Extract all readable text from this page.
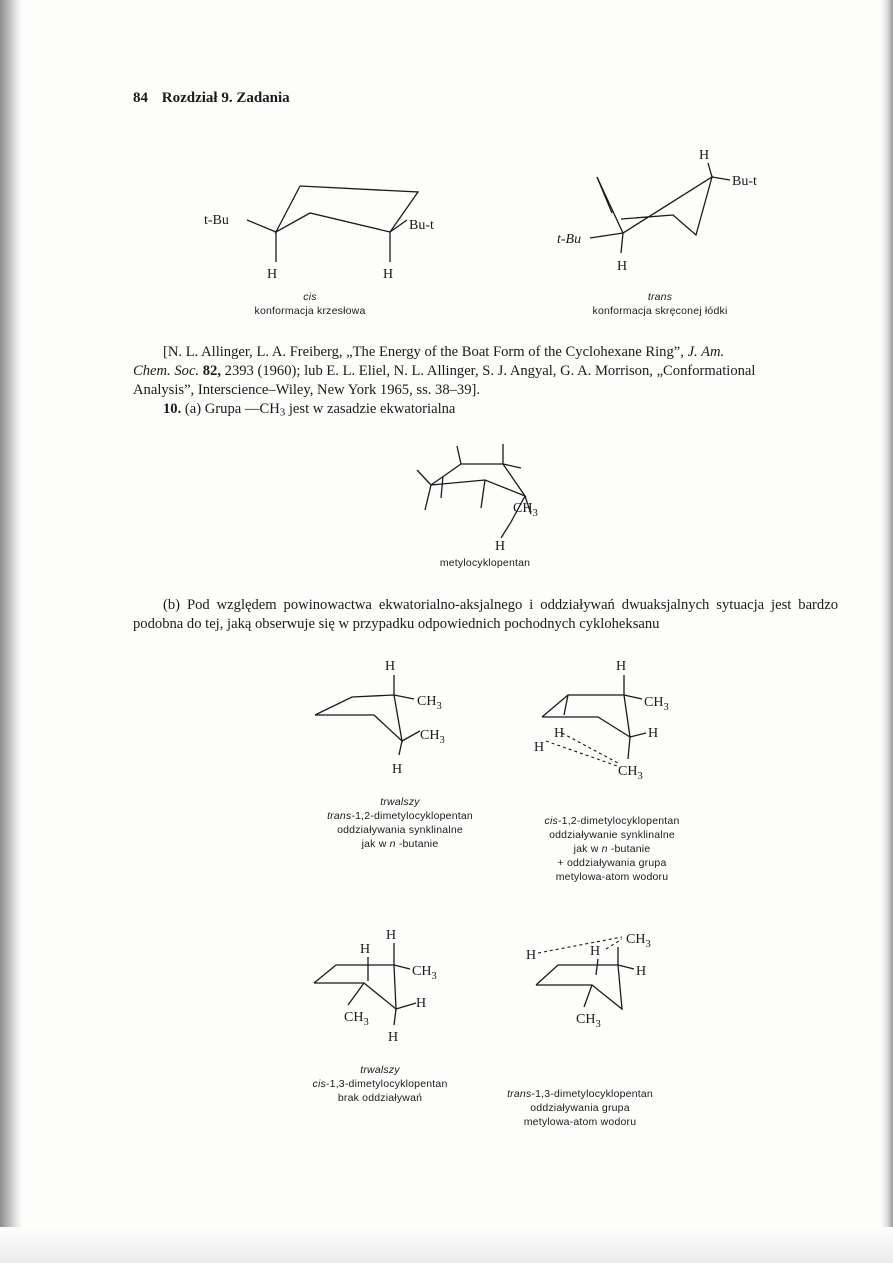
84 Rozdział 9. Zadania
t-Bu	Bu-t
H	H
cis
konformacja krzesłowa
H
Bu-t
t-Bu
H
trans
konformacja skręconej łódki
[N. L. Allinger, L. A. Freiberg, „The Energy of the Boat Form of the Cyclohexane Ring”, J. Am.
Chem. Soc. 82, 2393 (1960); lub E. L. Eliel, N. L. Allinger, S. J. Angyal, G. A. Morrison, „Conformational
Analysis”, Interscience–Wiley, New York 1965, ss. 38–39].
10. (a) Grupa $—CH_3$ jest w zasadzie ekwatorialna
$CH_3$
H
metylocyklopentan
(b) Pod względem powinowactwa ekwatorialno-aksjalnego i oddziaływań dwuaksjalnych sytuacja jest bardzo podobna do tej, jaką obserwuje się w przypadku odpowiednich pochodnych cykloheksanu
H
$CH_3$
$CH_3$
H
trwalszy
trans-1,2-dimetylocyklopentan
oddziaływania synklinalne
jak w n -butanie
H
$CH_3$
H	H
H
$CH_3$
cis-1,2-dimetylocyklopentan
oddziaływanie synklinalne
jak w n -butanie
+ oddziaływania grupa
metylowa-atom wodoru
H
H
$CH_3$
H
$CH_3$
H
trwalszy
cis-1,3-dimetylocyklopentan
brak oddziaływań
$CH_3$
H	H
H
$CH_3$
trans-1,3-dimetylocyklopentan
oddziaływania grupa
metylowa-atom wodoru
